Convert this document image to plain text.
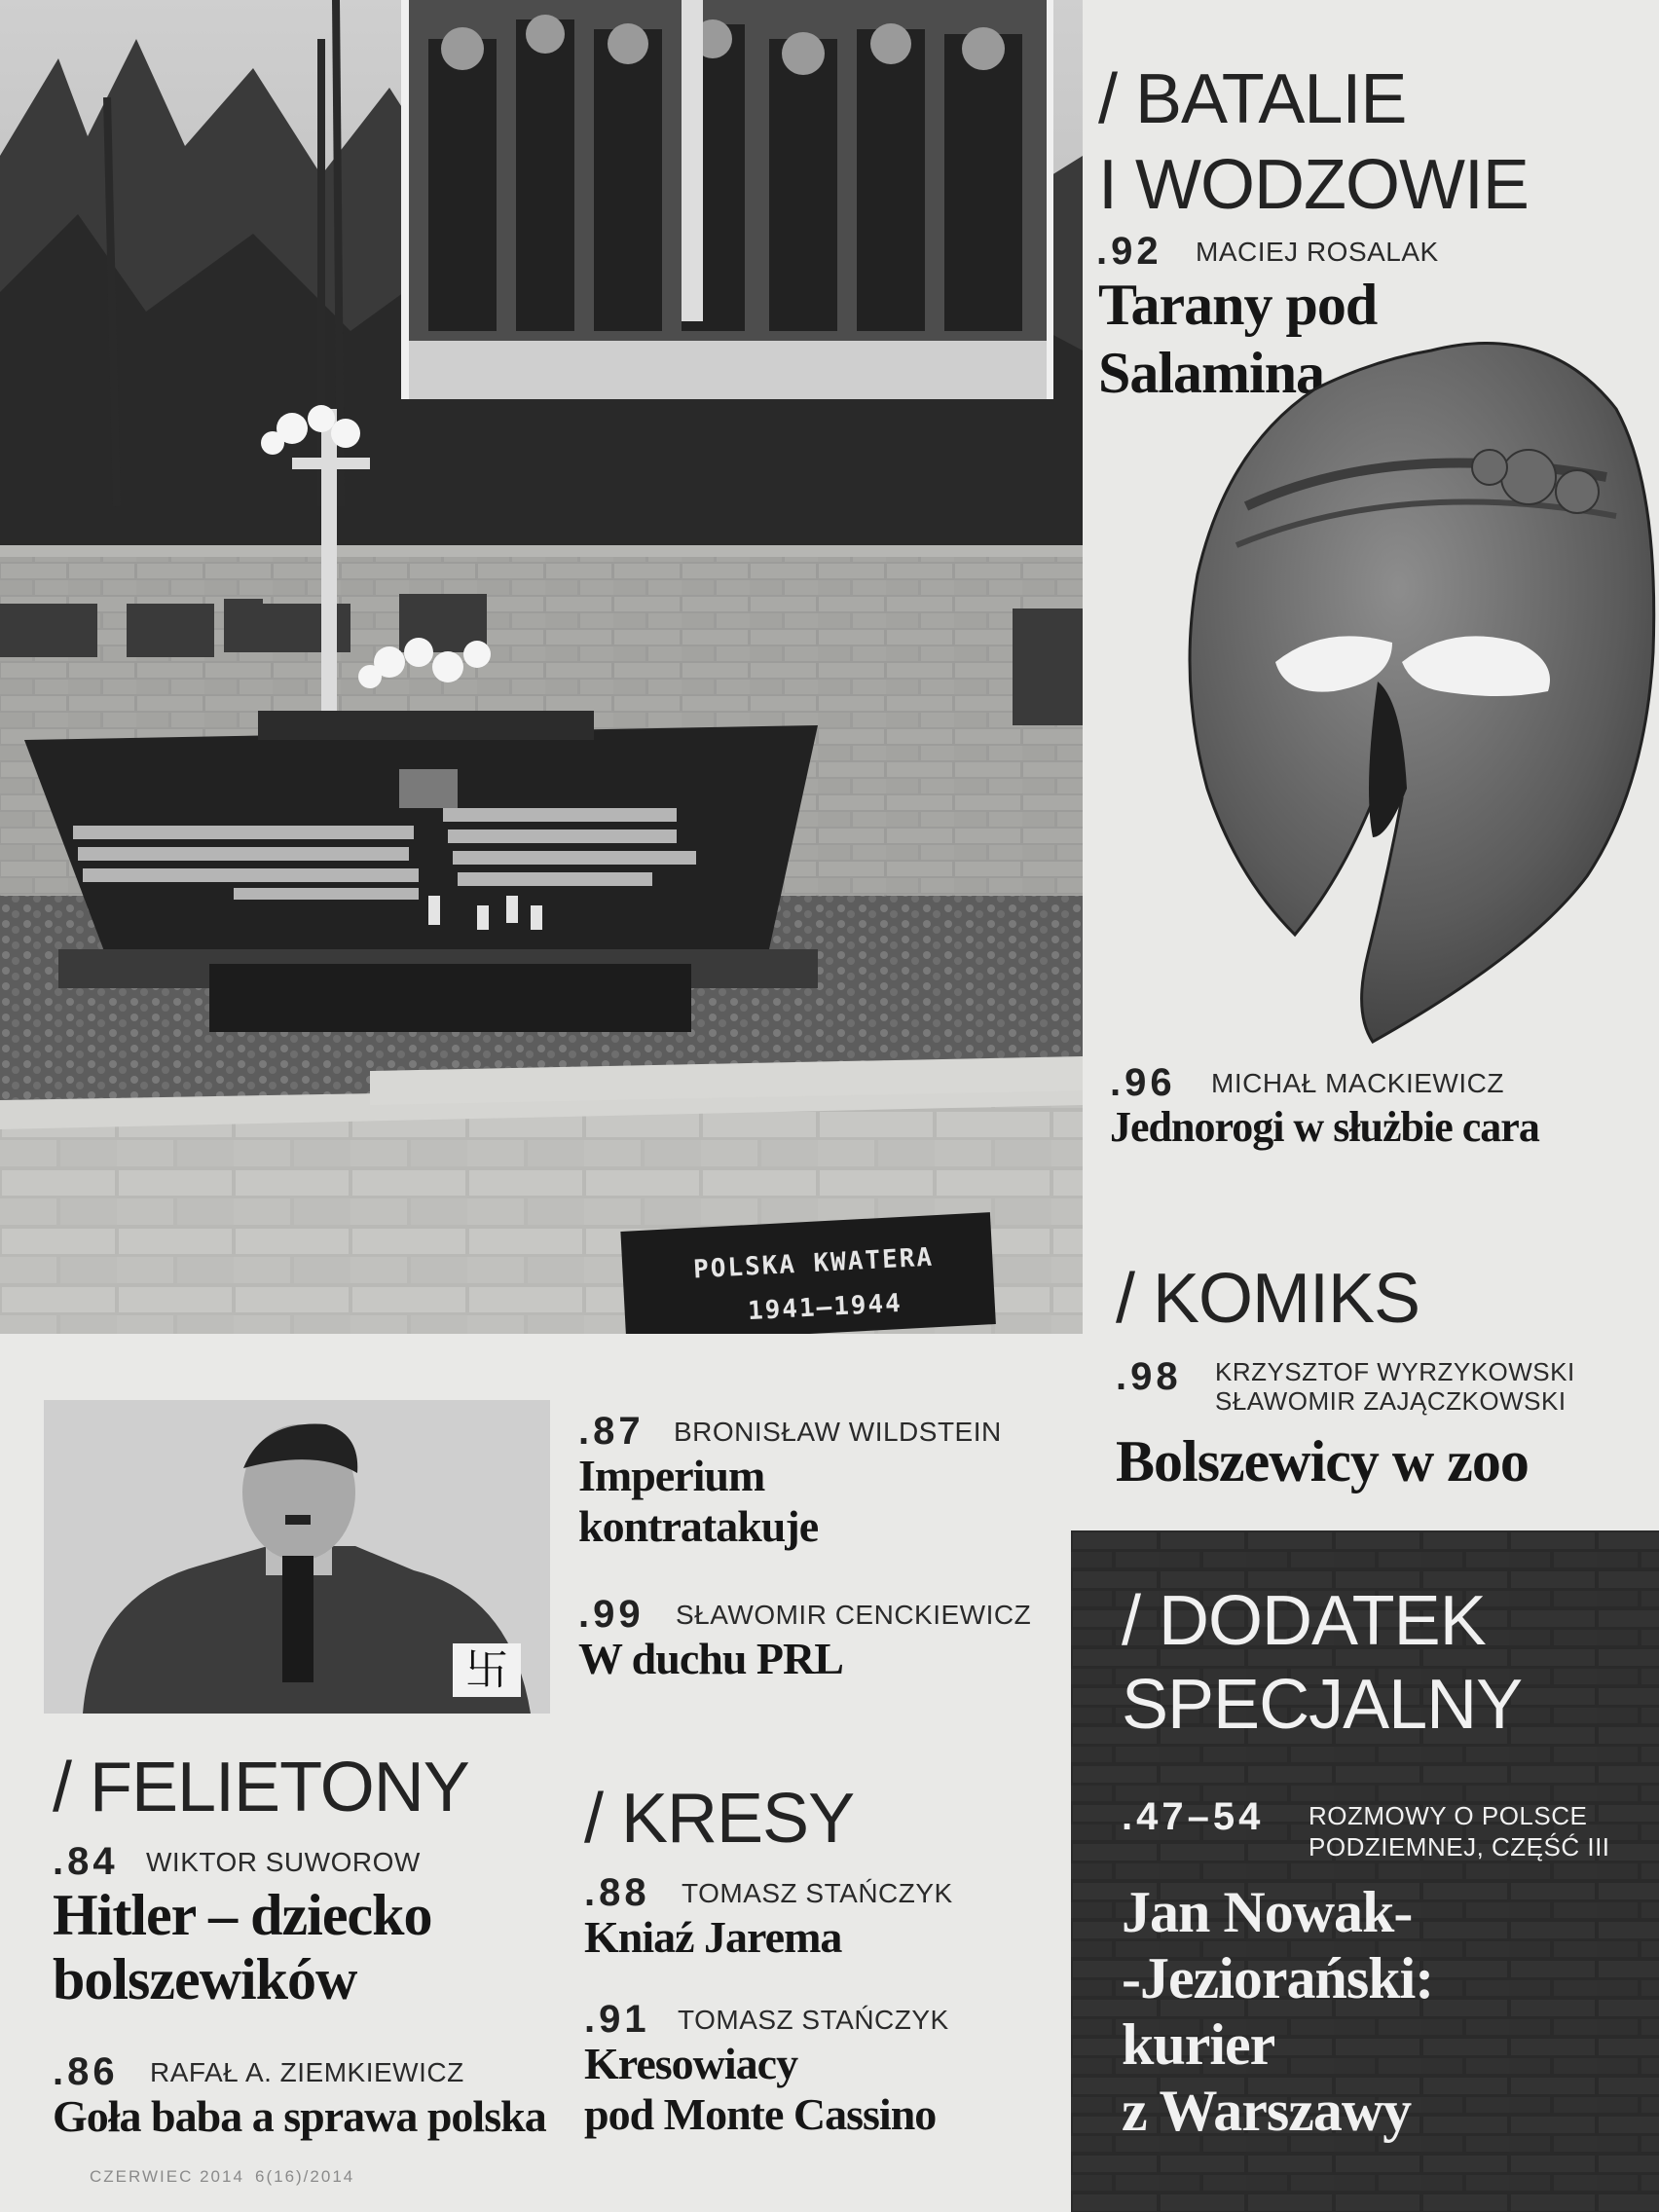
POLSKA KWATERA
1941–1944
/ BATALIE
I WODZOWIE
.92 MACIEJ ROSALAK
Tarany pod
Salaminą
.96 MICHAŁ MACKIEWICZ
Jednorogi w służbie cara
/ KOMIKS
.98 KRZYSZTOF WYRZYKOWSKI
SŁAWOMIR ZAJĄCZKOWSKI
Bolszewicy w zoo
卐
.87 BRONISŁAW WILDSTEIN
Imperium
kontratakuje
.99 SŁAWOMIR CENCKIEWICZ
W duchu PRL
/ FELIETONY
.84 WIKTOR SUWOROW
Hitler – dziecko
bolszewików
.86 RAFAŁ A. ZIEMKIEWICZ
Goła baba a sprawa polska
/ KRESY
.88 TOMASZ STAŃCZYK
Kniaź Jarema
.91 TOMASZ STAŃCZYK
Kresowiacy
pod Monte Cassino
/ DODATEK
SPECJALNY
.47–54 ROZMOWY O POLSCE
PODZIEMNEJ, CZĘŚĆ III
Jan Nowak-
-Jeziorański:
kurier
z Warszawy
CZERWIEC 2014 6(16)/2014
